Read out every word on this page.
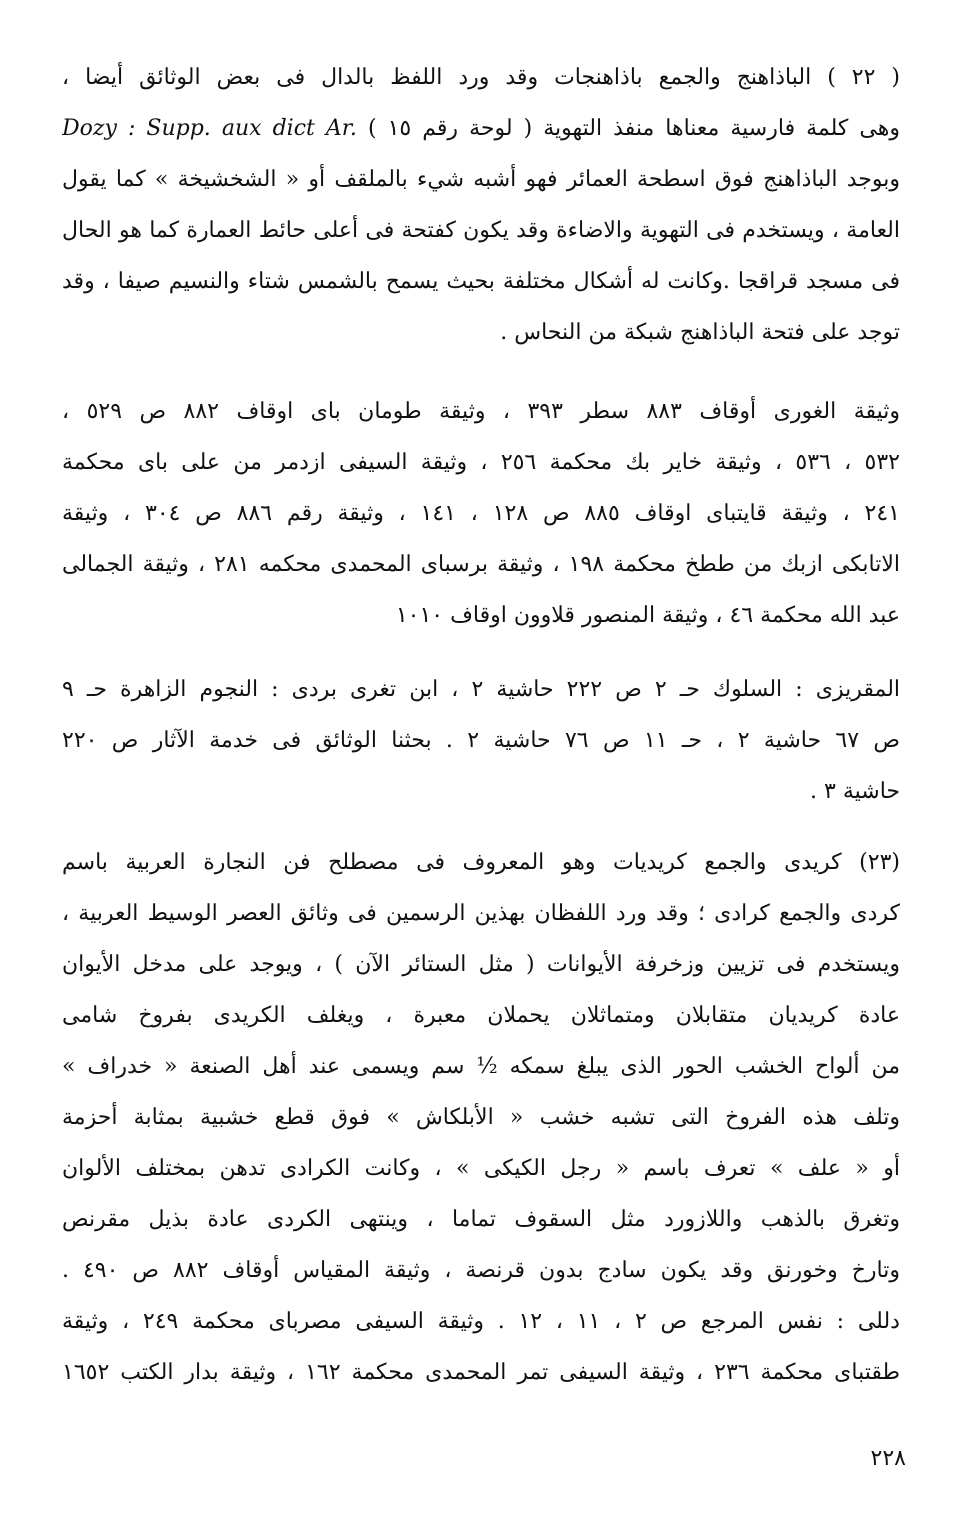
( ٢٢ ) الباذاهنج والجمع باذاهنجات وقد ورد اللفظ بالدال فى بعض الوثائق أيضا ،
وهى كلمة فارسية معناها منفذ التهوية ( لوحة رقم ١٥ ) Dozy : Supp. aux dict Ar.
وبوجد الباذاهنج فوق اسطحة العمائر فهو أشبه شيء بالملقف أو « الشخشيخة » كما يقول
العامة ، ويستخدم فى التهوية والاضاءة وقد يكون كفتحة فى أعلى حائط العمارة كما هو الحال
فى مسجد قراقجا .وكانت له أشكال مختلفة بحيث يسمح بالشمس شتاء والنسيم صيفا ، وقد
توجد على فتحة الباذاهنج شبكة من النحاس .
وثيقة الغورى أوقاف ٨٨٣ سطر ٣٩٣ ، وثيقة طومان باى اوقاف ٨٨٢ ص ٥٢٩ ،
٥٣٢ ، ٥٣٦ ، وثيقة خاير بك محكمة ٢٥٦ ، وثيقة السيفى ازدمر من على باى محكمة
٢٤١ ، وثيقة قايتباى اوقاف ٨٨٥ ص ١٢٨ ، ١٤١ ، وثيقة رقم ٨٨٦ ص ٣٠٤ ، وثيقة
الاتابكى ازبك من ططخ محكمة ١٩٨ ، وثيقة برسباى المحمدى محكمه ٢٨١ ، وثيقة الجمالى
عبد الله محكمة ٤٦ ، وثيقة المنصور قلاوون اوقاف ١٠١٠
المقريزى : السلوك حـ ٢ ص ٢٢٢ حاشية ٢ ، ابن تغرى بردى : النجوم الزاهرة حـ ٩
ص ٦٧ حاشية ٢ ، حـ ١١ ص ٧٦ حاشية ٢ . بحثنا الوثائق فى خدمة الآثار ص ٢٢٠
حاشية ٣ .
(٢٣) كريدى والجمع كريديات وهو المعروف فى مصطلح فن النجارة العربية باسم
كردى والجمع كرادى ؛ وقد ورد اللفظان بهذين الرسمين فى وثائق العصر الوسيط العربية ،
ويستخدم فى تزيين وزخرفة الأيوانات ( مثل الستائر الآن ) ، ويوجد على مدخل الأيوان
عادة كريديان متقابلان ومتماثلان يحملان معبرة ، ويغلف الكريدى بفروخ شامى
من ألواح الخشب الحور الذى يبلغ سمكه ½ سم ويسمى عند أهل الصنعة « خدراف »
وتلف هذه الفروخ التى تشبه خشب « الأبلكاش » فوق قطع خشبية بمثابة أحزمة
أو « علف » تعرف باسم « رجل الكيكى » ، وكانت الكرادى تدهن بمختلف الألوان
وتغرق بالذهب واللازورد مثل السقوف تماما ، وينتهى الكردى عادة بذيل مقرنص
وتارخ وخورنق وقد يكون سادج بدون قرنصة ، وثيقة المقياس أوقاف ٨٨٢ ص ٤٩٠ .
دللى : نفس المرجع ص ٢ ، ١١ ، ١٢ . وثيقة السيفى مصرباى محكمة ٢٤٩ ، وثيقة
طقتباى محكمة ٢٣٦ ، وثيقة السيفى تمر المحمدى محكمة ١٦٢ ، وثيقة بدار الكتب ١٦٥٢
٢٢٨
